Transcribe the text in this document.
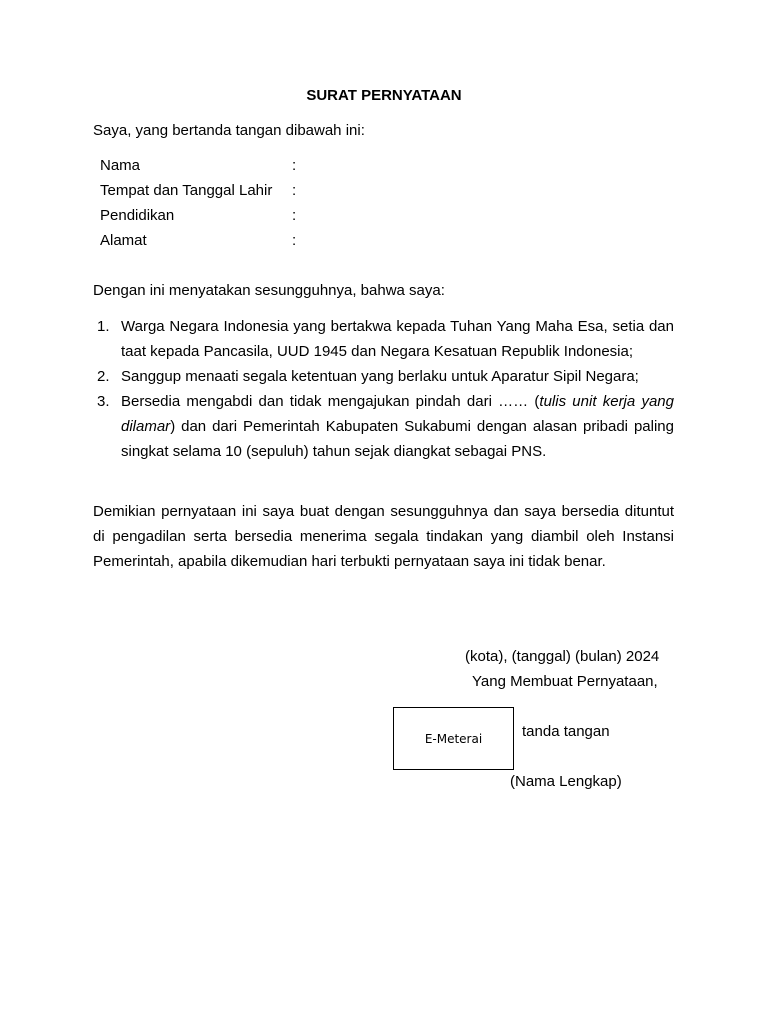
SURAT PERNYATAAN
Saya, yang bertanda tangan dibawah ini:
Nama	:
Tempat dan Tanggal Lahir	:
Pendidikan	:
Alamat	:
Dengan ini menyatakan sesungguhnya, bahwa saya:
1. Warga Negara Indonesia yang bertakwa kepada Tuhan Yang Maha Esa, setia dan taat kepada Pancasila, UUD 1945 dan Negara Kesatuan Republik Indonesia;
2. Sanggup menaati segala ketentuan yang berlaku untuk Aparatur Sipil Negara;
3. Bersedia mengabdi dan tidak mengajukan pindah dari …… (tulis unit kerja yang dilamar) dan dari Pemerintah Kabupaten Sukabumi dengan alasan pribadi paling singkat selama 10 (sepuluh) tahun sejak diangkat sebagai PNS.
Demikian pernyataan ini saya buat dengan sesungguhnya dan saya bersedia dituntut di pengadilan serta bersedia menerima segala tindakan yang diambil oleh Instansi Pemerintah, apabila dikemudian hari terbukti pernyataan saya ini tidak benar.
(kota), (tanggal) (bulan) 2024
Yang Membuat Pernyataan,
E-Meterai	tanda tangan
(Nama Lengkap)
